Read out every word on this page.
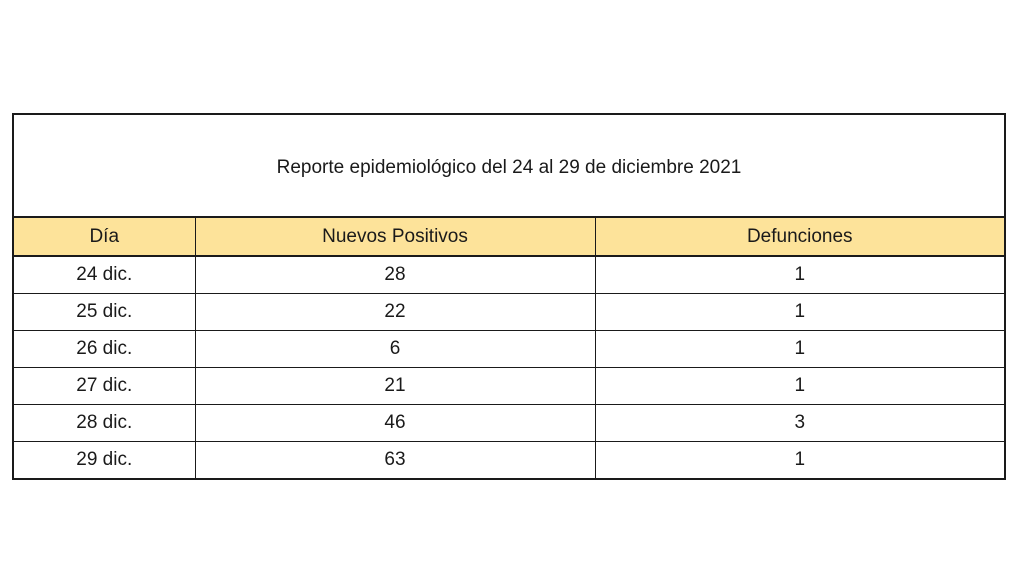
Reporte epidemiológico del 24 al 29 de diciembre 2021
Día	Nuevos Positivos	Defunciones
24 dic.	28	1
25 dic.	22	1
26 dic.	6	1
27 dic.	21	1
28 dic.	46	3
29 dic.	63	1
